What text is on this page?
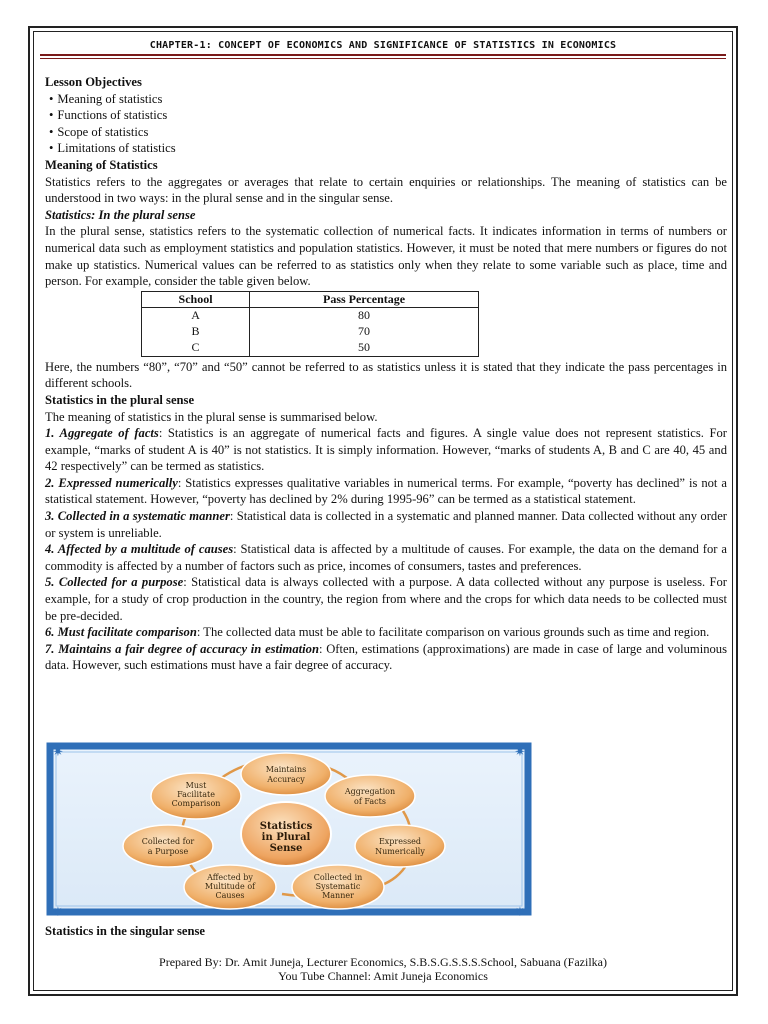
CHAPTER-1: CONCEPT OF ECONOMICS AND SIGNIFICANCE OF STATISTICS IN ECONOMICS

Lesson Objectives

• Meaning of statistics
• Functions of statistics
• Scope of statistics
• Limitations of statistics

Meaning of Statistics

Statistics refers to the aggregates or averages that relate to certain enquiries or relationships. The meaning of statistics can be understood in two ways: in the plural sense and in the singular sense.

Statistics: In the plural sense

In the plural sense, statistics refers to the systematic collection of numerical facts. It indicates information in terms of numbers or numerical data such as employment statistics and population statistics. However, it must be noted that mere numbers or figures do not make up statistics. Numerical values can be referred to as statistics only when they relate to some variable such as place, time and person. For example, consider the table given below.

School	Pass Percentage
A	80
B	70
C	50

Here, the numbers “80”, “70” and “50” cannot be referred to as statistics unless it is stated that they indicate the pass percentages in different schools.

Statistics in the plural sense

The meaning of statistics in the plural sense is summarised below.

1. Aggregate of facts: Statistics is an aggregate of numerical facts and figures. A single value does not represent statistics. For example, “marks of student A is 40” is not statistics. It is simply information. However, “marks of students A, B and C are 40, 45 and 42 respectively” can be termed as statistics.

2. Expressed numerically: Statistics expresses qualitative variables in numerical terms. For example, “poverty has declined” is not a statistical statement. However, “poverty has declined by 2% during 1995-96” can be termed as a statistical statement.

3. Collected in a systematic manner: Statistical data is collected in a systematic and planned manner. Data collected without any order or system is unreliable.

4. Affected by a multitude of causes: Statistical data is affected by a multitude of causes. For example, the data on the demand for a commodity is affected by a number of factors such as price, incomes of consumers, tastes and preferences.

5. Collected for a purpose: Statistical data is always collected with a purpose. A data collected without any purpose is useless. For example, for a study of crop production in the country, the region from where and the crops for which data needs to be collected must be pre-decided.

6. Must facilitate comparison: The collected data must be able to facilitate comparison on various grounds such as time and region.

7. Maintains a fair degree of accuracy in estimation: Often, estimations (approximations) are made in case of large and voluminous data. However, such estimations must have a fair degree of accuracy.

✷	✷
✷	✷
Statistics
in Plural
Sense
Maintains
Accuracy
Aggregation
of Facts
Expressed
Numerically
Collected in
Systematic
Manner
Affected by
Multitude of
Causes
Collected for
a Purpose
Must
Facilitate
Comparison
Statistics in the singular sense
Prepared By: Dr. Amit Juneja, Lecturer Economics, S.B.S.G.S.S.S.School, Sabuana (Fazilka)
You Tube Channel: Amit Juneja Economics
